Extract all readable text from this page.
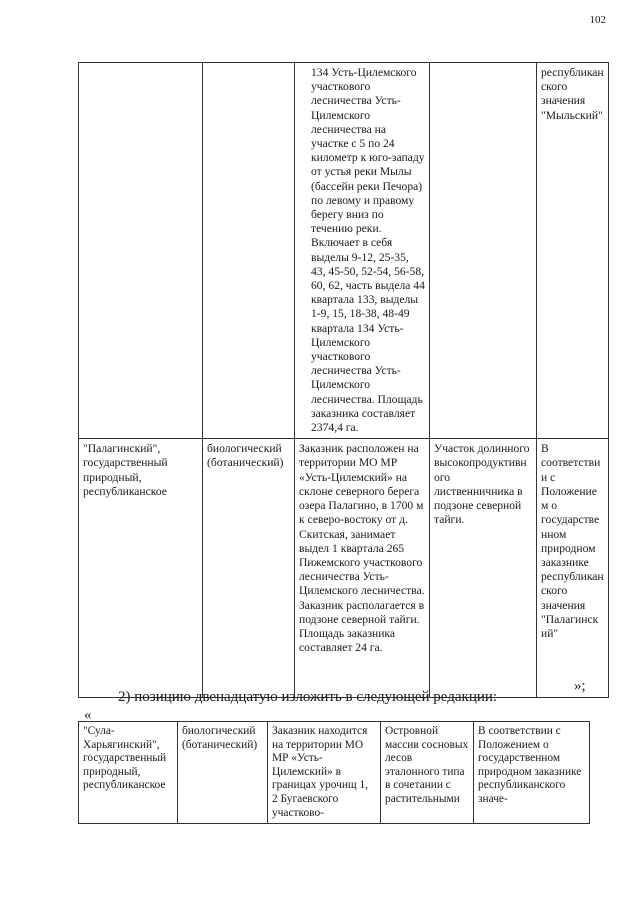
102
		134 Усть-Цилемского участкового лесничества Усть-Цилемского лесничества на участке с 5 по 24 километр к юго-западу от устья реки Мылы (бассейн реки Печора) по левому и правому берегу вниз по течению реки. Включает в себя выделы 9-12, 25-35, 43, 45-50, 52-54, 56-58, 60, 62, часть выдела 44 квартала 133, выделы 1-9, 15, 18-38, 48-49 квартала 134 Усть-Цилемского участкового лесничества Усть-Цилемского лесничества. Площадь заказника составляет 2374,4 га.		республиканского значения "Мыльский"
"Палагинский", государственный природный, республиканское	биологический (ботанический)	Заказник расположен на территории МО МР «Усть-Цилемский» на склоне северного берега озера Палагино, в 1700 м к северо-востоку от д. Скитская, занимает выдел 1 квартала 265 Пижемского участкового лесничества Усть-Цилемского лесничества. Заказник располагается в подзоне северной тайги. Площадь заказника составляет 24 га.	Участок долинного высокопродуктивного лиственничника в подзоне северной тайги.	В соответствии с Положением о государственном природном заказнике республиканского значения "Палагинский"
»;
2) позицию двенадцатую изложить в следующей редакции:
«
"Сула-Харьягинский", государственный природный, республиканское	биологический (ботанический)	Заказник находится на территории МО МР «Усть-Цилемский» в границах урочищ 1, 2 Бугаевского участково-	Островной массив сосновых лесов эталонного типа в сочетании с растительными	В соответствии с Положением о государственном природном заказнике республиканского значе-
